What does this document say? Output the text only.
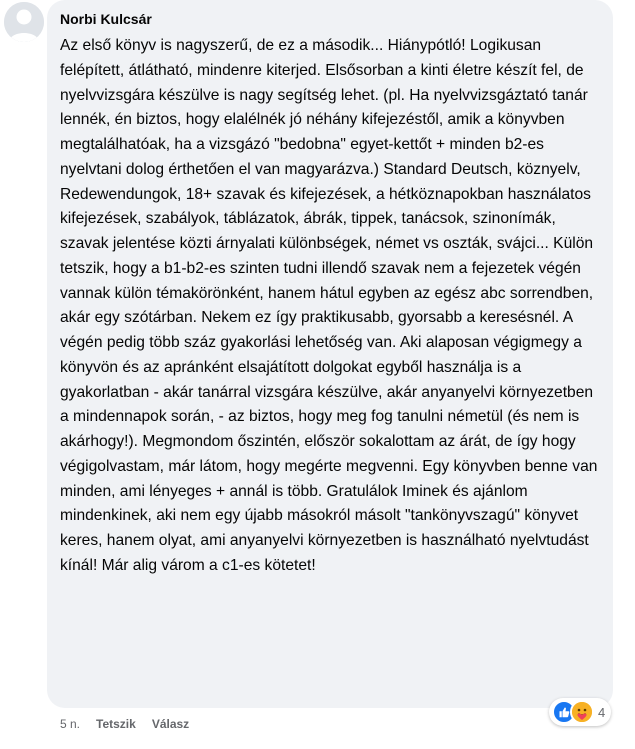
Norbi Kulcsár
Az első könyv is nagyszerű, de ez a második... Hiánypótló! Logikusan felépített, átlátható, mindenre kiterjed. Elsősorban a kinti életre készít fel, de nyelvvizsgára készülve is nagy segítség lehet. (pl. Ha nyelvvizsgáztató tanár lennék, én biztos, hogy elalélnék jó néhány kifejezéstől, amik a könyvben megtalálhatóak, ha a vizsgázó "bedobna" egyet-kettőt + minden b2-es nyelvtani dolog érthetően el van magyarázva.) Standard Deutsch, köznyelv, Redewendungok, 18+ szavak és kifejezések, a hétköznapokban használatos kifejezések, szabályok, táblázatok, ábrák, tippek, tanácsok, szinonímák, szavak jelentése közti árnyalati különbségek, német vs oszták, svájci... Külön tetszik, hogy a b1-b2-es szinten tudni illendő szavak nem a fejezetek végén vannak külön témakörönként, hanem hátul egyben az egész abc sorrendben, akár egy szótárban. Nekem ez így praktikusabb, gyorsabb a keresésnél. A végén pedig több száz gyakorlási lehetőség van. Aki alaposan végigmegy a könyvön és az apránként elsajátított dolgokat egyből használja is a gyakorlatban - akár tanárral vizsgára készülve, akár anyanyelvi környezetben a mindennapok során, - az biztos, hogy meg fog tanulni németül (és nem is akárhogy!). Megmondom őszintén, először sokalottam az árát, de így hogy végigolvastam, már látom, hogy megérte megvenni. Egy könyvben benne van minden, ami lényeges + annál is több. Gratulálok Iminek és ajánlom mindenkinek, aki nem egy újabb másokról másolt "tankönyvszagú" könyvet keres, hanem olyat, ami anyanyelvi környezetben is használható nyelvtudást kínál! Már alig várom a c1-es kötetet!
4
5 n. Tetszik Válasz
